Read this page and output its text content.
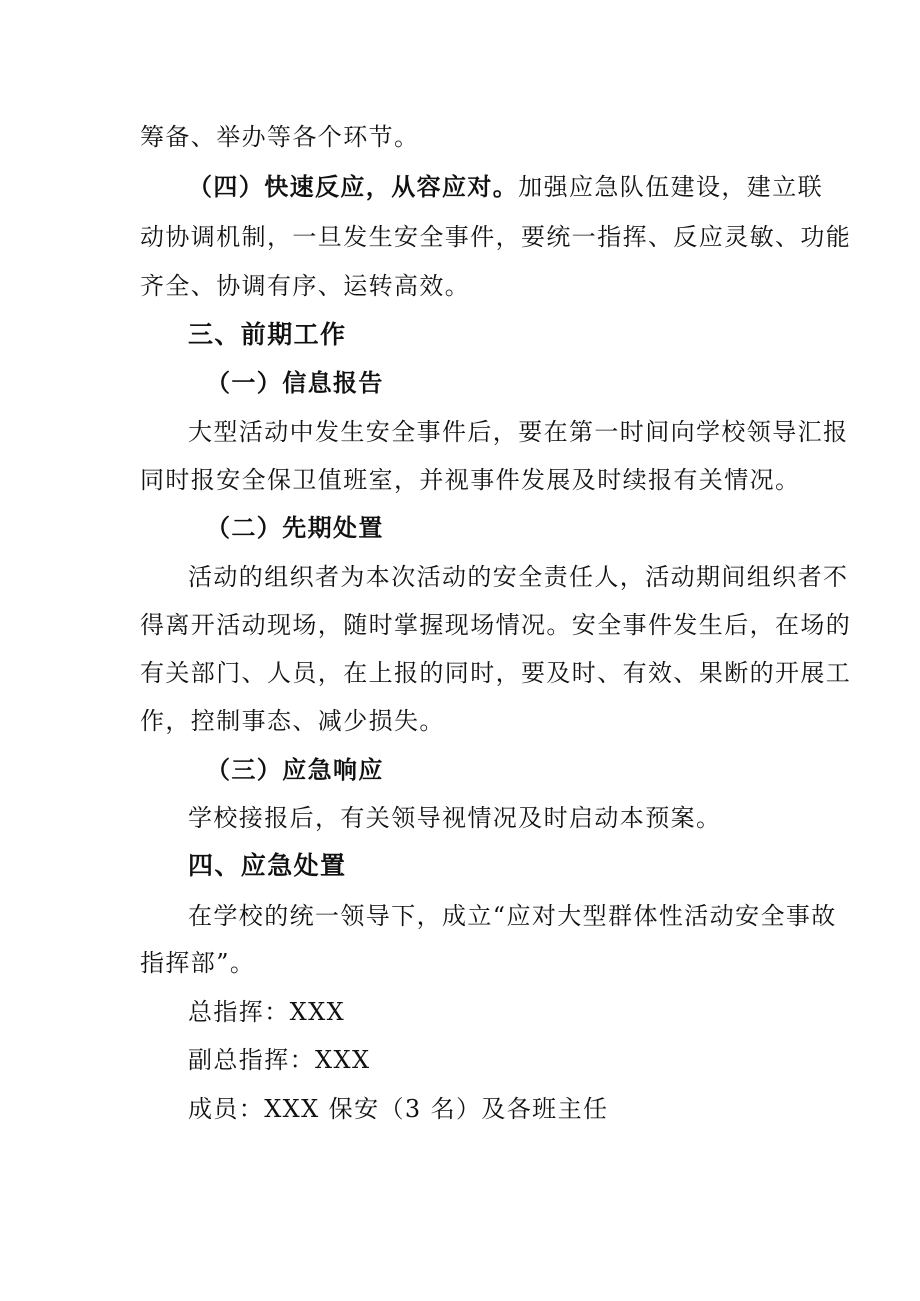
筹备、举办等各个环节。
（四）快速反应，从容应对。加强应急队伍建设，建立联
动协调机制，一旦发生安全事件，要统一指挥、反应灵敏、功能
齐全、协调有序、运转高效。
三、前期工作
（一）信息报告
大型活动中发生安全事件后，要在第一时间向学校领导汇报
同时报安全保卫值班室，并视事件发展及时续报有关情况。
（二）先期处置
活动的组织者为本次活动的安全责任人，活动期间组织者不
得离开活动现场，随时掌握现场情况。安全事件发生后，在场的
有关部门、人员，在上报的同时，要及时、有效、果断的开展工
作，控制事态、减少损失。
（三）应急响应
学校接报后，有关领导视情况及时启动本预案。
四、应急处置
在学校的统一领导下，成立“应对大型群体性活动安全事故
指挥部”。
总指挥：XXX
副总指挥：XXX
成员：XXX 保安（3 名）及各班主任
